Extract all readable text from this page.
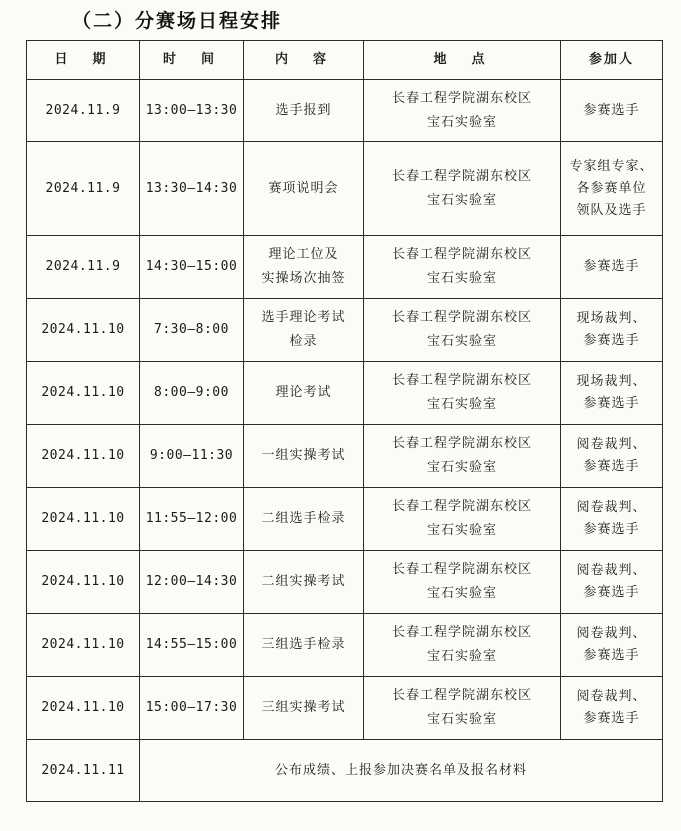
（二）分赛场日程安排
日　期	时　间	内　容	地　点	参加人

2024.11.9	13:00—13:30	选手报到	长春工程学院湖东校区
宝石实验室	参赛选手

2024.11.9	13:30—14:30	赛项说明会	长春工程学院湖东校区
宝石实验室	专家组专家、
各参赛单位
领队及选手

2024.11.9	14:30—15:00	理论工位及
实操场次抽签	长春工程学院湖东校区
宝石实验室	参赛选手

2024.11.10	7:30—8:00	选手理论考试
检录	长春工程学院湖东校区
宝石实验室	现场裁判、
参赛选手

2024.11.10	8:00—9:00	理论考试	长春工程学院湖东校区
宝石实验室	现场裁判、
参赛选手

2024.11.10	9:00—11:30	一组实操考试	长春工程学院湖东校区
宝石实验室	阅卷裁判、
参赛选手

2024.11.10	11:55—12:00	二组选手检录	长春工程学院湖东校区
宝石实验室	阅卷裁判、
参赛选手

2024.11.10	12:00—14:30	二组实操考试	长春工程学院湖东校区
宝石实验室	阅卷裁判、
参赛选手

2024.11.10	14:55—15:00	三组选手检录	长春工程学院湖东校区
宝石实验室	阅卷裁判、
参赛选手

2024.11.10	15:00—17:30	三组实操考试	长春工程学院湖东校区
宝石实验室	阅卷裁判、
参赛选手

2024.11.11	公布成绩、上报参加决赛名单及报名材料			
